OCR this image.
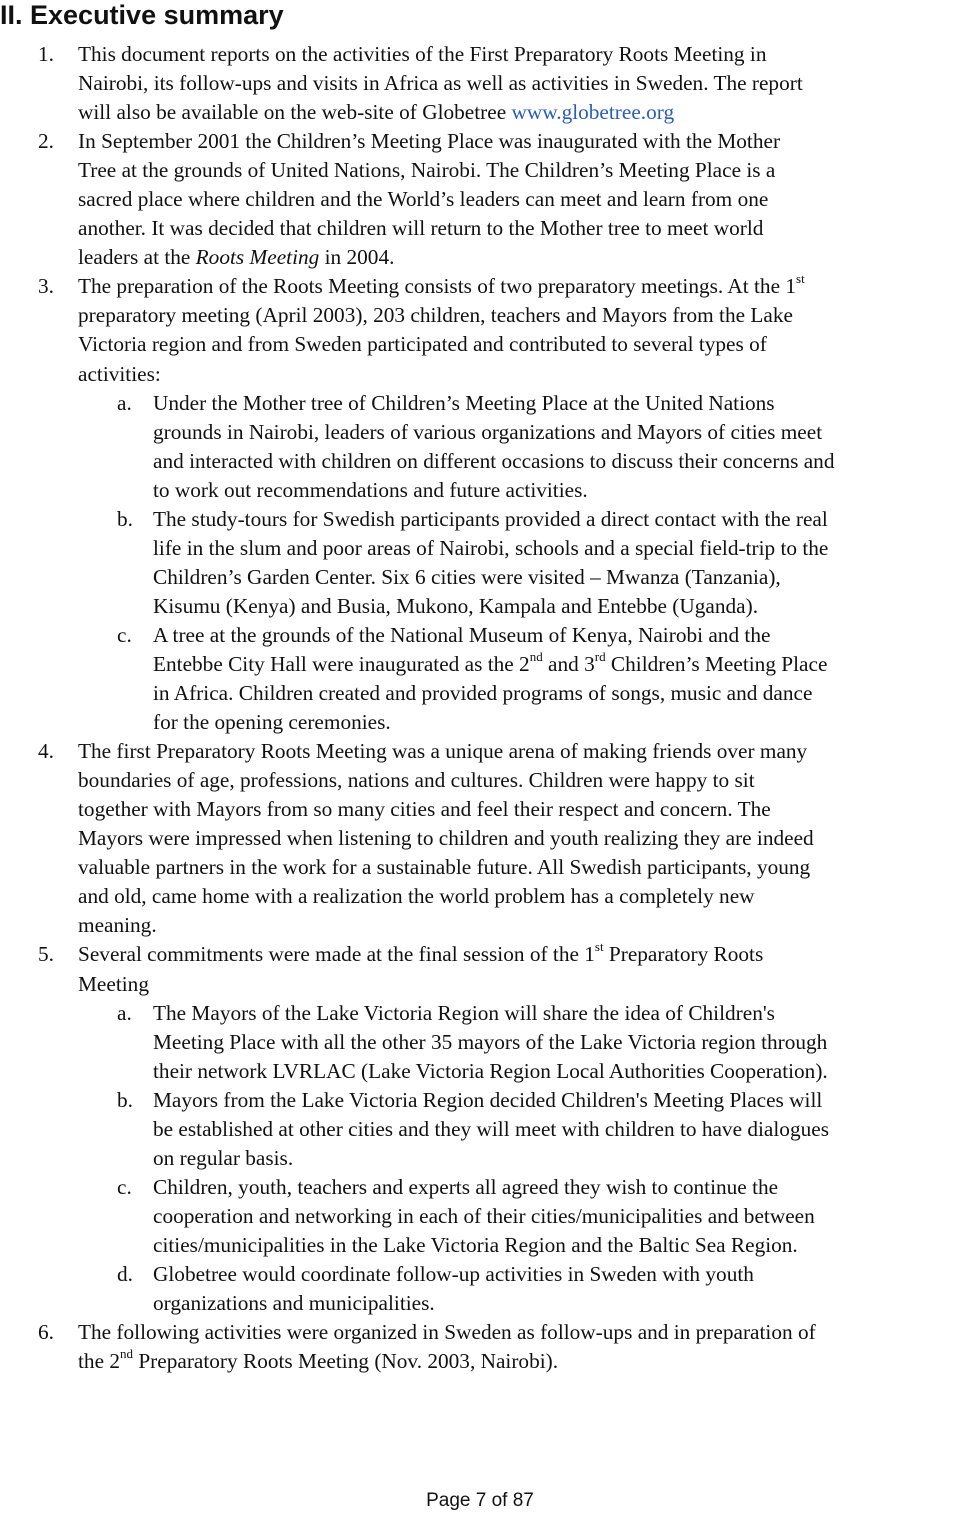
II. Executive summary
1. This document reports on the activities of the First Preparatory Roots Meeting in
Nairobi, its follow-ups and visits in Africa as well as activities in Sweden. The report
will also be available on the web-site of Globetree www.globetree.org
2. In September 2001 the Children’s Meeting Place was inaugurated with the Mother
Tree at the grounds of United Nations, Nairobi. The Children’s Meeting Place is a
sacred place where children and the World’s leaders can meet and learn from one
another. It was decided that children will return to the Mother tree to meet world
leaders at the Roots Meeting in 2004.
3. The preparation of the Roots Meeting consists of two preparatory meetings. At the 1st
preparatory meeting (April 2003), 203 children, teachers and Mayors from the Lake
Victoria region and from Sweden participated and contributed to several types of
activities:
a. Under the Mother tree of Children’s Meeting Place at the United Nations
grounds in Nairobi, leaders of various organizations and Mayors of cities meet
and interacted with children on different occasions to discuss their concerns and
to work out recommendations and future activities.
b. The study-tours for Swedish participants provided a direct contact with the real
life in the slum and poor areas of Nairobi, schools and a special field-trip to the
Children’s Garden Center. Six 6 cities were visited – Mwanza (Tanzania),
Kisumu (Kenya) and Busia, Mukono, Kampala and Entebbe (Uganda).
c. A tree at the grounds of the National Museum of Kenya, Nairobi and the
Entebbe City Hall were inaugurated as the 2nd and 3rd Children’s Meeting Place
in Africa. Children created and provided programs of songs, music and dance
for the opening ceremonies.
4. The first Preparatory Roots Meeting was a unique arena of making friends over many
boundaries of age, professions, nations and cultures. Children were happy to sit
together with Mayors from so many cities and feel their respect and concern. The
Mayors were impressed when listening to children and youth realizing they are indeed
valuable partners in the work for a sustainable future. All Swedish participants, young
and old, came home with a realization the world problem has a completely new
meaning.
5. Several commitments were made at the final session of the 1st Preparatory Roots
Meeting
a. The Mayors of the Lake Victoria Region will share the idea of Children's
Meeting Place with all the other 35 mayors of the Lake Victoria region through
their network LVRLAC (Lake Victoria Region Local Authorities Cooperation).
b. Mayors from the Lake Victoria Region decided Children's Meeting Places will
be established at other cities and they will meet with children to have dialogues
on regular basis.
c. Children, youth, teachers and experts all agreed they wish to continue the
cooperation and networking in each of their cities/municipalities and between
cities/municipalities in the Lake Victoria Region and the Baltic Sea Region.
d. Globetree would coordinate follow-up activities in Sweden with youth
organizations and municipalities.
6. The following activities were organized in Sweden as follow-ups and in preparation of
the 2nd Preparatory Roots Meeting (Nov. 2003, Nairobi).
Page 7 of 87
